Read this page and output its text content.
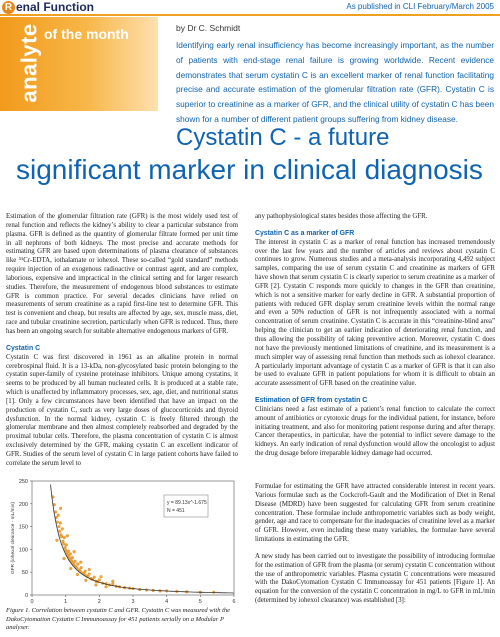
R enal Function	As published in CLI February/March 2005
analyte of the month	by Dr C. Schmidt

Identifying early renal insufficiency has become increasingly important, as the number of patients with end-stage renal failure is growing worldwide. Recent evidence demonstrates that serum cystatin C is an excellent marker of renal function facilitating precise and accurate estimation of the glomerular filtration rate (GFR). Cystatin C is superior to creatinine as a marker of GFR, and the clinical utility of cystatin C has been shown for a number of different patient groups suffering from kidney disease.

Cystatin C - a future
significant marker in clinical diagnosis

Estimation of the glomerular filtration rate (GFR) is the most widely used test of renal function and reflects the kidney’s ability to clear a particular substance from plasma. GFR is defined as the quantity of glomerular filtrate formed per unit time in all nephrons of both kidneys. The most precise and accurate methods for estimating GFR are based upon determinations of plasma clearance of substances like ⁵¹Cr-EDTA, iothalamate or iohexol. These so-called “gold standard” methods require injection of an exogenous radioactive or contrast agent, and are complex, laborious, expensive and impractical in the clinical setting and for larger research studies. Therefore, the measurement of endogenous blood substances to estimate GFR is common practice. For several decades clinicians have relied on measurements of serum creatinine as a rapid first-line test to determine GFR. This test is convenient and cheap, but results are affected by age, sex, muscle mass, diet, race and tubular creatinine secretion, particularly when GFR is reduced. Thus, there has been an ongoing search for suitable alternative endogenous markers of GFR.

Cystatin C

Cystatin C was first discovered in 1961 as an alkaline protein in normal cerebrospinal fluid. It is a 13-kDa, non-glycosylated basic protein belonging to the cystatin super-family of cysteine proteinase inhibitors. Unique among cystatins, it seems to be produced by all human nucleated cells. It is produced at a stable rate, which is unaffected by inflammatory processes, sex, age, diet, and nutritional status [1]. Only a few circumstances have been identified that have an impact on the production of cystatin C, such as very large doses of glucocorticoids and thyroid dysfunction. In the normal kidney, cystatin C is freely filtered through the glomerular membrane and then almost completely reabsorbed and degraded by the proximal tubular cells. Therefore, the plasma concentration of cystatin C is almost exclusively determined by the GFR, making cystatin C an excellent indicator of GFR. Studies of the serum level of cystatin C in large patient cohorts have failed to correlate the serum level to

0
50
100
150
200
250
0	1	2	3	4	5	6
GFR (iohexol clearance - mL/min)	y = 89.13x^-1.675
N = 451

Figure 1. Correlation between cystatin C and GFR. Cystatin C was measured with the DakoCytomation Cystatin C Immunoassay for 451 patients serially on a Modular P analyser.

any pathophysiological states besides those affecting the GFR.

Cystatin C as a marker of GFR

The interest in cystatin C as a marker of renal function has increased tremendously over the last few years and the number of articles and reviews about cystatin C continues to grow. Numerous studies and a meta-analysis incorporating 4,492 subject samples, comparing the use of serum cystatin C and creatinine as markers of GFR have shown that serum cystatin C is clearly superior to serum creatinine as a marker of GFR [2]. Cystatin C responds more quickly to changes in the GFR than creatinine, which is not a sensitive marker for early decline in GFR. A substantial proportion of patients with reduced GFR display serum creatinine levels within the normal range and even a 50% reduction of GFR is not infrequently associated with a normal concentration of serum creatinine. Cystatin C is accurate in this “creatinine-blind area” helping the clinician to get an earlier indication of deteriorating renal function, and thus allowing the possibility of taking preventive action. Moreover, cystatin C does not have the previously mentioned limitations of creatinine, and its measurement is a much simpler way of assessing renal function than methods such as iohexol clearance. A particularly important advantage of cystatin C as a marker of GFR is that it can also be used to evaluate GFR in patient populations for whom it is difficult to obtain an accurate assessment of GFR based on the creatinine value.

Estimation of GFR from cystatin C

Clinicians need a fast estimate of a patient’s renal function to calculate the correct amount of antibiotics or cytotoxic drugs for the individual patient, for instance, before initiating treatment, and also for monitoring patient response during and after therapy. Cancer therapeutics, in particular, have the potential to inflict severe damage to the kidneys. An early indication of renal dysfunction would allow the oncologist to adjust the drug dosage before irreparable kidney damage had occurred.

Formulae for estimating the GFR have attracted considerable interest in recent years. Various formulae such as the Cockcroft-Gault and the Modification of Diet in Renal Disease (MDRD) have been suggested for calculating GFR from serum creatinine concentration. These formulae include anthropometric variables such as body weight, gender, age and race to compensate for the inadequacies of creatinine level as a marker of GFR. However, even including these many variables, the formulae have several limitations in estimating the GFR.

A new study has been carried out to investigate the possibility of introducing formulae for the estimation of GFR from the plasma (or serum) cystatin C concentration without the use of anthropometric variables. Plasma cystatin C concentrations were measured with the DakoCytomation Cystatin C Immunoassay for 451 patients [Figure 1]. An equation for the conversion of the cystatin C concentration in mg/L to GFR in mL/min (determined by iohexol clearance) was established [3]:
